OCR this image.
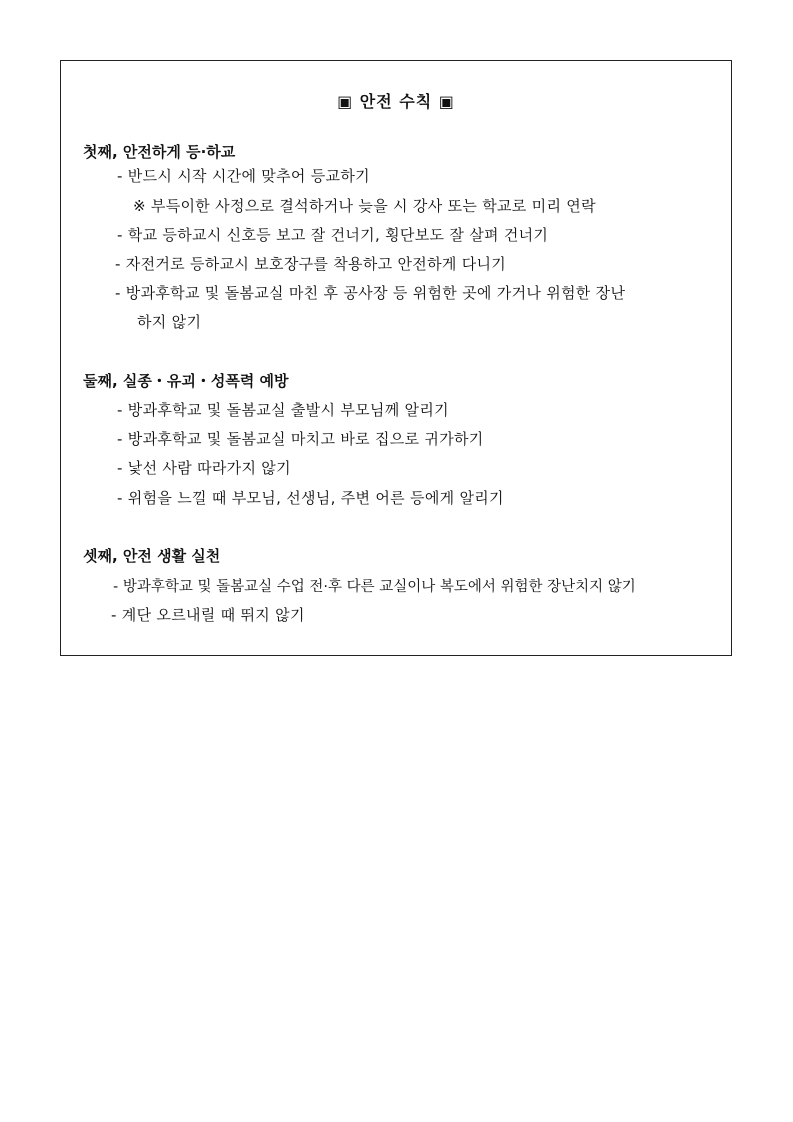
▣ 안전 수칙 ▣
첫째, 안전하게 등·하교
- 반드시 시작 시간에 맞추어 등교하기
※ 부득이한 사정으로 결석하거나 늦을 시 강사 또는 학교로 미리 연락
- 학교 등하교시 신호등 보고 잘 건너기, 횡단보도 잘 살펴 건너기
- 자전거로 등하교시 보호장구를 착용하고 안전하게 다니기
- 방과후학교 및 돌봄교실 마친 후 공사장 등 위험한 곳에 가거나 위험한 장난
하지 않기
둘째, 실종・유괴・성폭력 예방
- 방과후학교 및 돌봄교실 출발시 부모님께 알리기
- 방과후학교 및 돌봄교실 마치고 바로 집으로 귀가하기
- 낯선 사람 따라가지 않기
- 위험을 느낄 때 부모님, 선생님, 주변 어른 등에게 알리기
셋째, 안전 생활 실천
- 방과후학교 및 돌봄교실 수업 전·후 다른 교실이나 복도에서 위험한 장난치지 않기
- 계단 오르내릴 때 뛰지 않기
